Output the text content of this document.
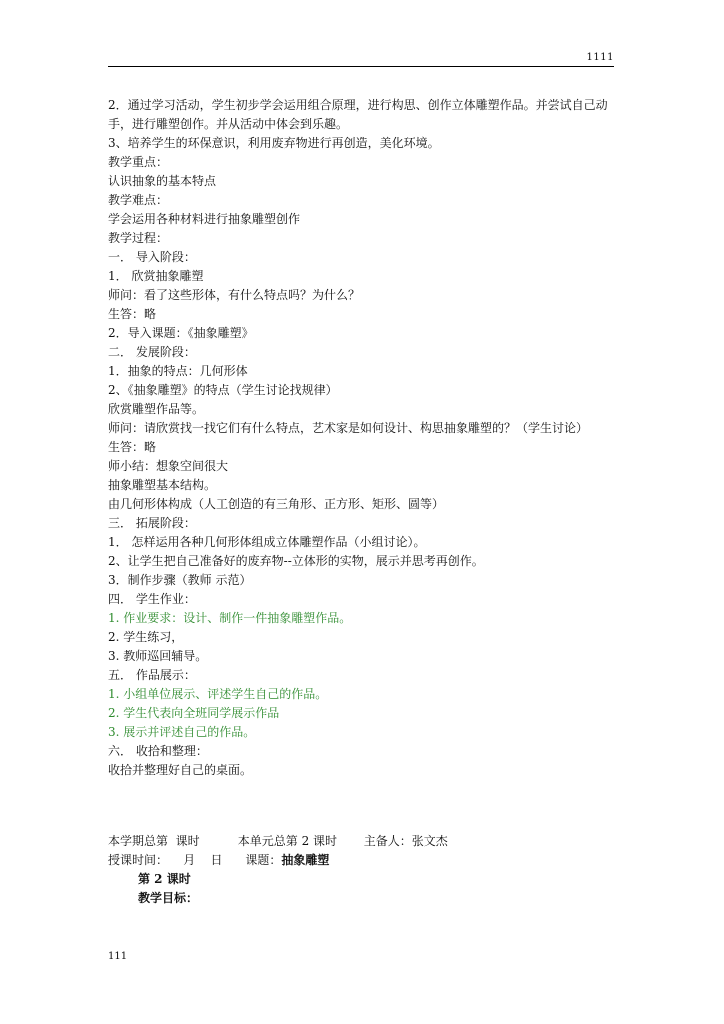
1111

2．通过学习活动，学生初步学会运用组合原理，进行构思、创作立体雕塑作品。并尝试自己动手，进行雕塑创作。并从活动中体会到乐趣。

3、培养学生的环保意识，利用废弃物进行再创造，美化环境。

教学重点：

认识抽象的基本特点

教学难点：

学会运用各种材料进行抽象雕塑创作

教学过程：

一． 导入阶段：

1． 欣赏抽象雕塑

师问：看了这些形体，有什么特点吗？为什么？

生答：略

2．导入课题：《抽象雕塑》

二． 发展阶段：

1．抽象的特点：几何形体

2、《抽象雕塑》的特点（学生讨论找规律）

欣赏雕塑作品等。

师问：请欣赏找一找它们有什么特点，艺术家是如何设计、构思抽象雕塑的？（学生讨论）

生答：略

师小结：想象空间很大

抽象雕塑基本结构。

由几何形体构成（人工创造的有三角形、正方形、矩形、圆等）

三． 拓展阶段：

1． 怎样运用各种几何形体组成立体雕塑作品（小组讨论）。

2、让学生把自己准备好的废弃物--立体形的实物，展示并思考再创作。

3．制作步骤（教师 示范）

四． 学生作业：

1. 作业要求：设计、制作一件抽象雕塑作品。

2. 学生练习，

3. 教师巡回辅导。

五． 作品展示：

1. 小组单位展示、评述学生自己的作品。

2. 学生代表向全班同学展示作品

3. 展示并评述自己的作品。

六． 收拾和整理：

收拾并整理好自己的桌面。

本学期总第  课时          本单元总第 2 课时       主备人：张文杰

授课时间：    月    日      课题：抽象雕塑

第 2 课时

教学目标：

111
